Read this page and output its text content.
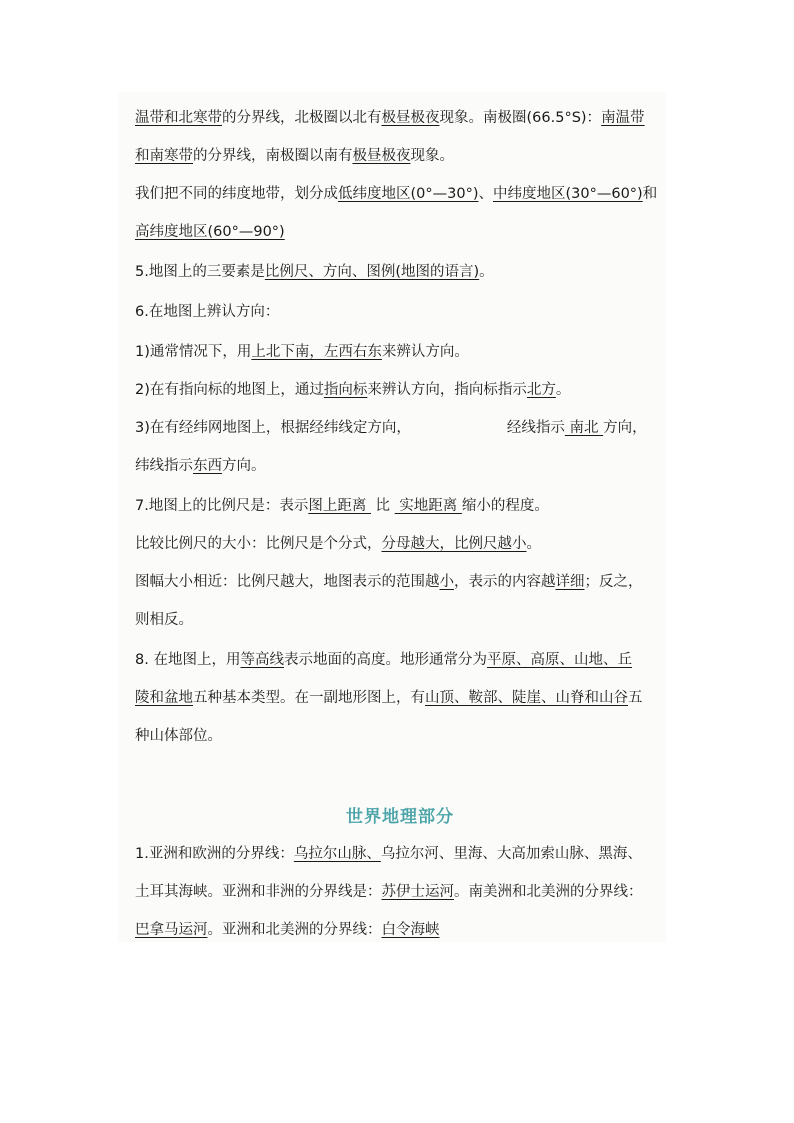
温带和北寒带的分界线，北极圈以北有极昼极夜现象。南极圈(66.5°S)：南温带
和南寒带的分界线，南极圈以南有极昼极夜现象。
我们把不同的纬度地带，划分成低纬度地区(0°—30°)、中纬度地区(30°—60°)和
高纬度地区(60°—90°)
5.地图上的三要素是比例尺、方向、图例(地图的语言)。
6.在地图上辨认方向：
1)通常情况下，用上北下南，左西右东来辨认方向。
2)在有指向标的地图上，通过指向标来辨认方向，指向标指示北方。
3)在有经纬网地图上，根据经纬线定方向，	经线指示 南北 方向，
纬线指示东西方向。
7.地图上的比例尺是：表示图上距离  比  实地距离 缩小的程度。
比较比例尺的大小：比例尺是个分式，分母越大，比例尺越小。
图幅大小相近：比例尺越大，地图表示的范围越小，表示的内容越详细；反之，
则相反。
8. 在地图上，用等高线表示地面的高度。地形通常分为平原、高原、山地、丘
陵和盆地五种基本类型。在一副地形图上，有山顶、鞍部、陡崖、山脊和山谷五
种山体部位。
世界地理部分
1.亚洲和欧洲的分界线：乌拉尔山脉、乌拉尔河、里海、大高加索山脉、黑海、
土耳其海峡。亚洲和非洲的分界线是：苏伊士运河。南美洲和北美洲的分界线：
巴拿马运河。亚洲和北美洲的分界线：白令海峡
